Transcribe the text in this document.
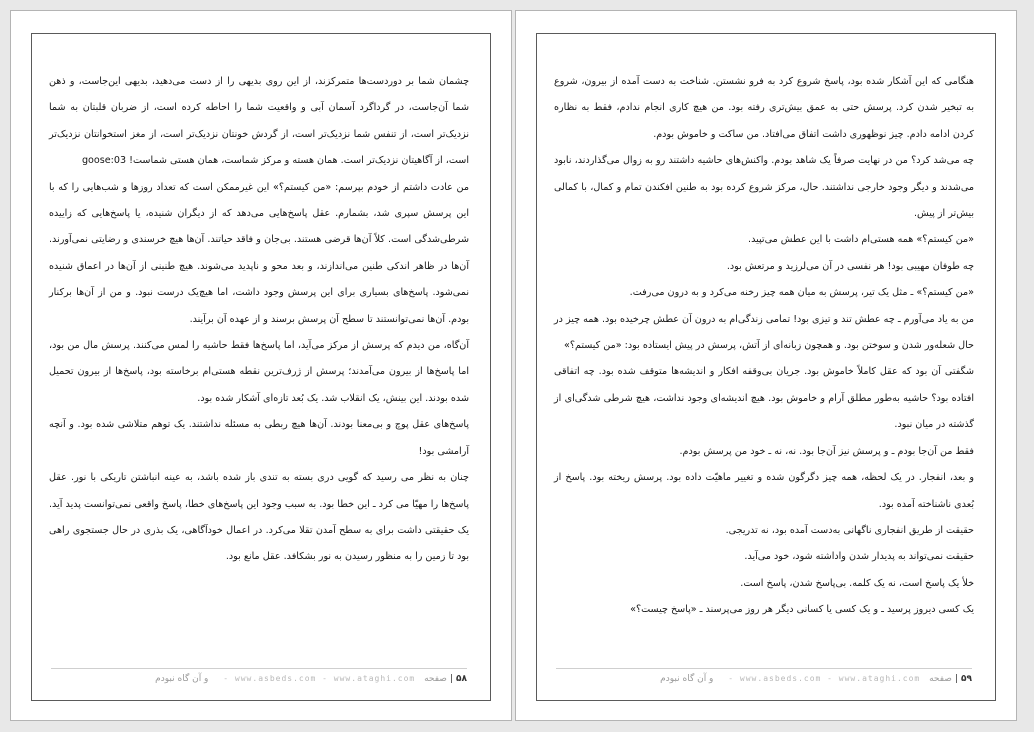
چشمان شما بر دوردست‌ها متمرکزند، از این روی بدیهی را از دست می‌دهید، بدیهی این‌جاست، و ذهن شما آن‌جاست، در گردا‌گرد آسمان آبی و واقعیت شما را احاطه کرده است، از ضربان قلبتان به شما نزدیک‌تر است، از تنفس شما نزدیک‌تر است، از گردش خونتان نزدیک‌تر است، از مغز استخوانتان نزدیک‌تر است، از آگاهیتان نزدیک‌تر است. همان هسته و مرکز شماست، همان هستی شماست! goose:03

من عادت داشتم از خودم بپرسم: «من کیستم؟» این غیرممکن است که تعداد روزها و شب‌هایی را که با این پرسش سپری شد، بشمارم. عقل پاسخ‌هایی می‌دهد که از دیگران شنیده، یا پاسخ‌هایی که زاییده شرطی‌شدگی است. کلاً آن‌ها قرضی هستند. بی‌جان و فاقد حیاتند. آن‌ها هیچ خرسندی و رضایتی نمی‌آورند. آن‌ها در ظاهر اندکی طنین می‌اندازند، و بعد محو و ناپدید می‌شوند. هیچ طنینی از آن‌ها در اعماق شنیده نمی‌شود. پاسخ‌های بسیاری برای این پرسش وجود داشت، اما هیچ‌یک درست نبود. و من از آن‌ها برکنار بودم. آن‌ها نمی‌توانستند تا سطح آن پرسش برسند و از عهده آن برآیند.

آن‌گاه، من دیدم که پرسش از مرکز می‌آید، اما پاسخ‌ها فقط حاشیه را لمس می‌کنند. پرسش مال من بود، اما پاسخ‌ها از بیرون می‌آمدند؛ پرسش از ژرف‌ترین نقطه هستی‌ام برخاسته بود، پاسخ‌ها از بیرون تحمیل شده بودند. این بینش، یک انقلاب شد. یک بُعد تازه‌ای آشکار شده بود.

پاسخ‌های عقل پوچ و بی‌معنا بودند. آن‌ها هیچ ربطی به مسئله نداشتند. یک توهم متلاشی شده بود. و آنچه آرامشی بود!

چنان به نظر می رسید که گویی دری بسته به تندی باز شده باشد، به عینه انباشتن تاریکی با نور. عقل پاسخ‌ها را مهیّا می کرد ـ این خطا بود. به سبب وجود این پاسخ‌های خطا، پاسخ واقعی نمی‌توانست پدید آید. یک حقیقتی داشت برای به سطح آمدن تقلا می‌کرد. در اعمال خودآگاهی، یک بذری در حال جستجوی راهی بود تا زمین را به منظور رسیدن به نور بشکافد. عقل مانع بود.

۵۸|صفحه www.asbeds.com - www.ataghi.com - و آن گاه نبودم

هنگامی که این آشکار شده بود، پاسخ شروع کرد به فرو نشستن. شناخت به دست آمده از بیرون، شروع به تبخیر شدن کرد. پرسش حتی به عمق بیش‌تری رفته بود. من هیچ کاری انجام ندادم، فقط به نظاره کردن ادامه دادم. چیز نوظهوری داشت اتفاق می‌افتاد. من ساکت و خاموش بودم.

چه می‌شد کرد؟ من در نهایت صرفاً یک شاهد بودم. واکنش‌های حاشیه داشتند رو به زوال می‌گذاردند، نابود می‌شدند و دیگر وجود خارجی نداشتند. حال، مرکز شروع کرده بود به طنین افکندن تمام و کمال، با کمالی بیش‌تر از پیش.

«من کیستم؟» همه هستی‌ام داشت با این عطش می‌تپید.

چه طوفان مهیبی بود! هر نفسی در آن می‌لرزید و مرتعش بود.

«من کیستم؟» ـ مثل یک تیر، پرسش به میان همه چیز رخنه می‌کرد و به درون می‌رفت.

من به یاد می‌آورم ـ چه عطش تند و تیزی بود! تمامی زندگی‌ام به درون آن عطش چرخیده بود. همه چیز در حال شعله‌ور شدن و سوختن بود. و همچون زبانه‌ای از آتش، پرسش در پیش ایستاده بود: «من کیستم؟»

شگفتی آن بود که عقل کاملاً خاموش بود. جریان بی‌وقفه افکار و اندیشه‌ها متوقف شده بود. چه اتفاقی افتاده بود؟ حاشیه به‌طور مطلق آرام و خاموش بود. هیچ اندیشه‌ای وجود نداشت، هیچ شرطی شدگی‌ای از گذشته در میان نبود.

فقط من آن‌جا بودم ـ و پرسش نیز آن‌جا بود. نه، نه ـ خود من پرسش بودم.

و بعد، انفجار. در یک لحظه، همه چیز دگرگون شده و تغییر ماهیّت داده بود. پرسش ریخته بود. پاسخ از بُعدی ناشناخته آمده بود.

حقیقت از طریق انفجاری ناگهانی به‌دست آمده بود، نه تدریجی.

حقیقت نمی‌تواند به پدیدار شدن واداشته شود، خود می‌آید.

خلأ یک پاسخ است، نه یک کلمه. بی‌پاسخ شدن، پاسخ است.

یک کسی دیروز پرسید ـ و یک کسی یا کسانی دیگر هر روز می‌پرسند ـ «پاسخ چیست؟»

۵۹|صفحه www.asbeds.com - www.ataghi.com - و آن گاه نبودم
